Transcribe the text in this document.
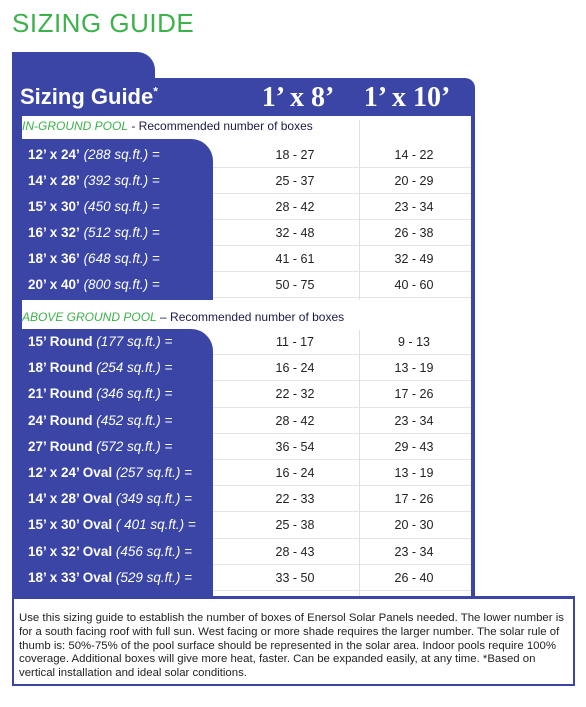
SIZING GUIDE
Sizing Guide*	1’ x 8’	1’ x 10’
IN-GROUND POOL - Recommended number of boxes
12’ x 24’ (288 sq.ft.) =	18 - 27	14 - 22
14’ x 28’ (392 sq.ft.) =	25 - 37	20 - 29
15’ x 30’ (450 sq.ft.) =	28 - 42	23 - 34
16’ x 32’ (512 sq.ft.) =	32 - 48	26 - 38
18’ x 36’ (648 sq.ft.) =	41 - 61	32 - 49
20’ x 40’ (800 sq.ft.) =	50 - 75	40 - 60
ABOVE GROUND POOL – Recommended number of boxes
15’ Round (177 sq.ft.) =	11 - 17	9 - 13
18’ Round (254 sq.ft.) =	16 - 24	13 - 19
21’ Round (346 sq.ft.) =	22 - 32	17 - 26
24’ Round (452 sq.ft.) =	28 - 42	23 - 34
27’ Round (572 sq.ft.) =	36 - 54	29 - 43
12’ x 24’ Oval (257 sq.ft.) =	16 - 24	13 - 19
14’ x 28’ Oval (349 sq.ft.) =	22 - 33	17 - 26
15’ x 30’ Oval ( 401 sq.ft.) =	25 - 38	20 - 30
16’ x 32’ Oval (456 sq.ft.) =	28 - 43	23 - 34
18’ x 33’ Oval (529 sq.ft.) =	33 - 50	26 - 40
Use this sizing guide to establish the number of boxes of Enersol Solar Panels needed. The lower number is for a south facing roof with full sun. West facing or more shade requires the larger number. The solar rule of thumb is: 50%-75% of the pool surface should be represented in the solar area. Indoor pools require 100% coverage. Additional boxes will give more heat, faster. Can be expanded easily, at any time. *Based on vertical installation and ideal solar conditions.
